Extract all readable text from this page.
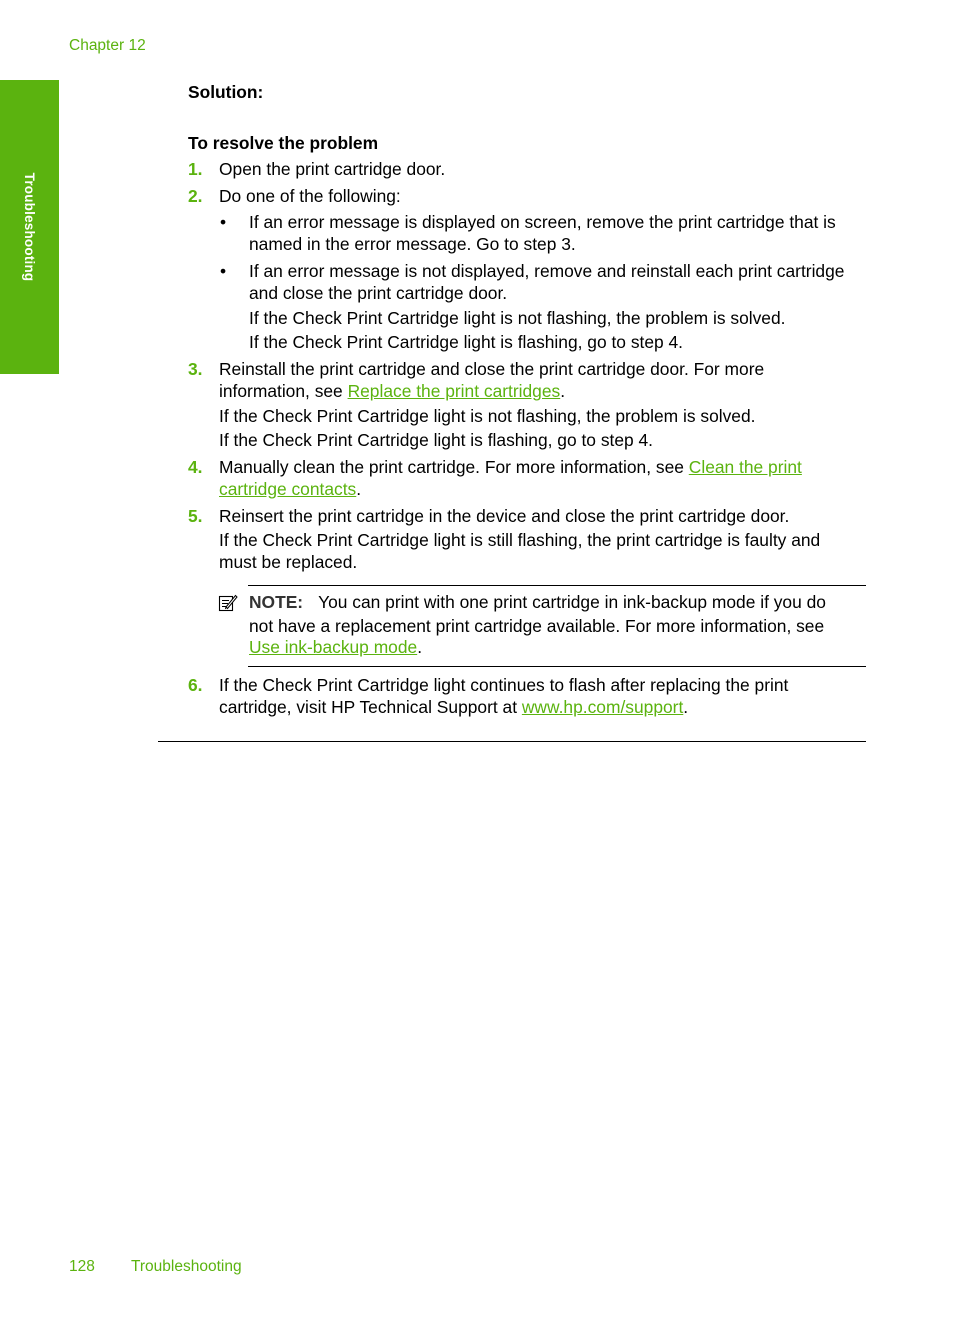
Chapter 12
Troubleshooting
Solution:
To resolve the problem
1. Open the print cartridge door.
2. Do one of the following:
• If an error message is displayed on screen, remove the print cartridge that is
named in the error message. Go to step 3.
• If an error message is not displayed, remove and reinstall each print cartridge
and close the print cartridge door.
If the Check Print Cartridge light is not flashing, the problem is solved.
If the Check Print Cartridge light is flashing, go to step 4.
3. Reinstall the print cartridge and close the print cartridge door. For more
information, see Replace the print cartridges.
If the Check Print Cartridge light is not flashing, the problem is solved.
If the Check Print Cartridge light is flashing, go to step 4.
4. Manually clean the print cartridge. For more information, see Clean the print
cartridge contacts.
5. Reinsert the print cartridge in the device and close the print cartridge door.
If the Check Print Cartridge light is still flashing, the print cartridge is faulty and
must be replaced.
NOTE: You can print with one print cartridge in ink-backup mode if you do
not have a replacement print cartridge available. For more information, see
Use ink-backup mode.
6. If the Check Print Cartridge light continues to flash after replacing the print
cartridge, visit HP Technical Support at www.hp.com/support.
128 Troubleshooting
